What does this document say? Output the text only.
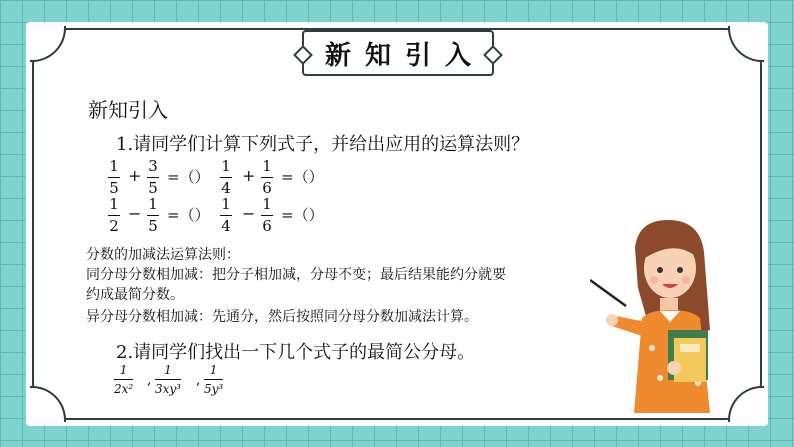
新知引入
新知引入
1.请同学们计算下列式子，并给出应用的运算法则？
1
5
+ 3
5
=（）
1
4
+ 1
6
=（）
1
2
− 1
5
=（）
1
4
− 1
6
=（）
分数的加减法运算法则：
同分母分数相加减：把分子相加减，分母不变；最后结果能约分就要
约成最简分数。
异分母分数相加减：先通分，然后按照同分母分数加减法计算。
2.请同学们找出一下几个式子的最简公分母。
1
2x²
,
1
3xy³
,
1
5y³
